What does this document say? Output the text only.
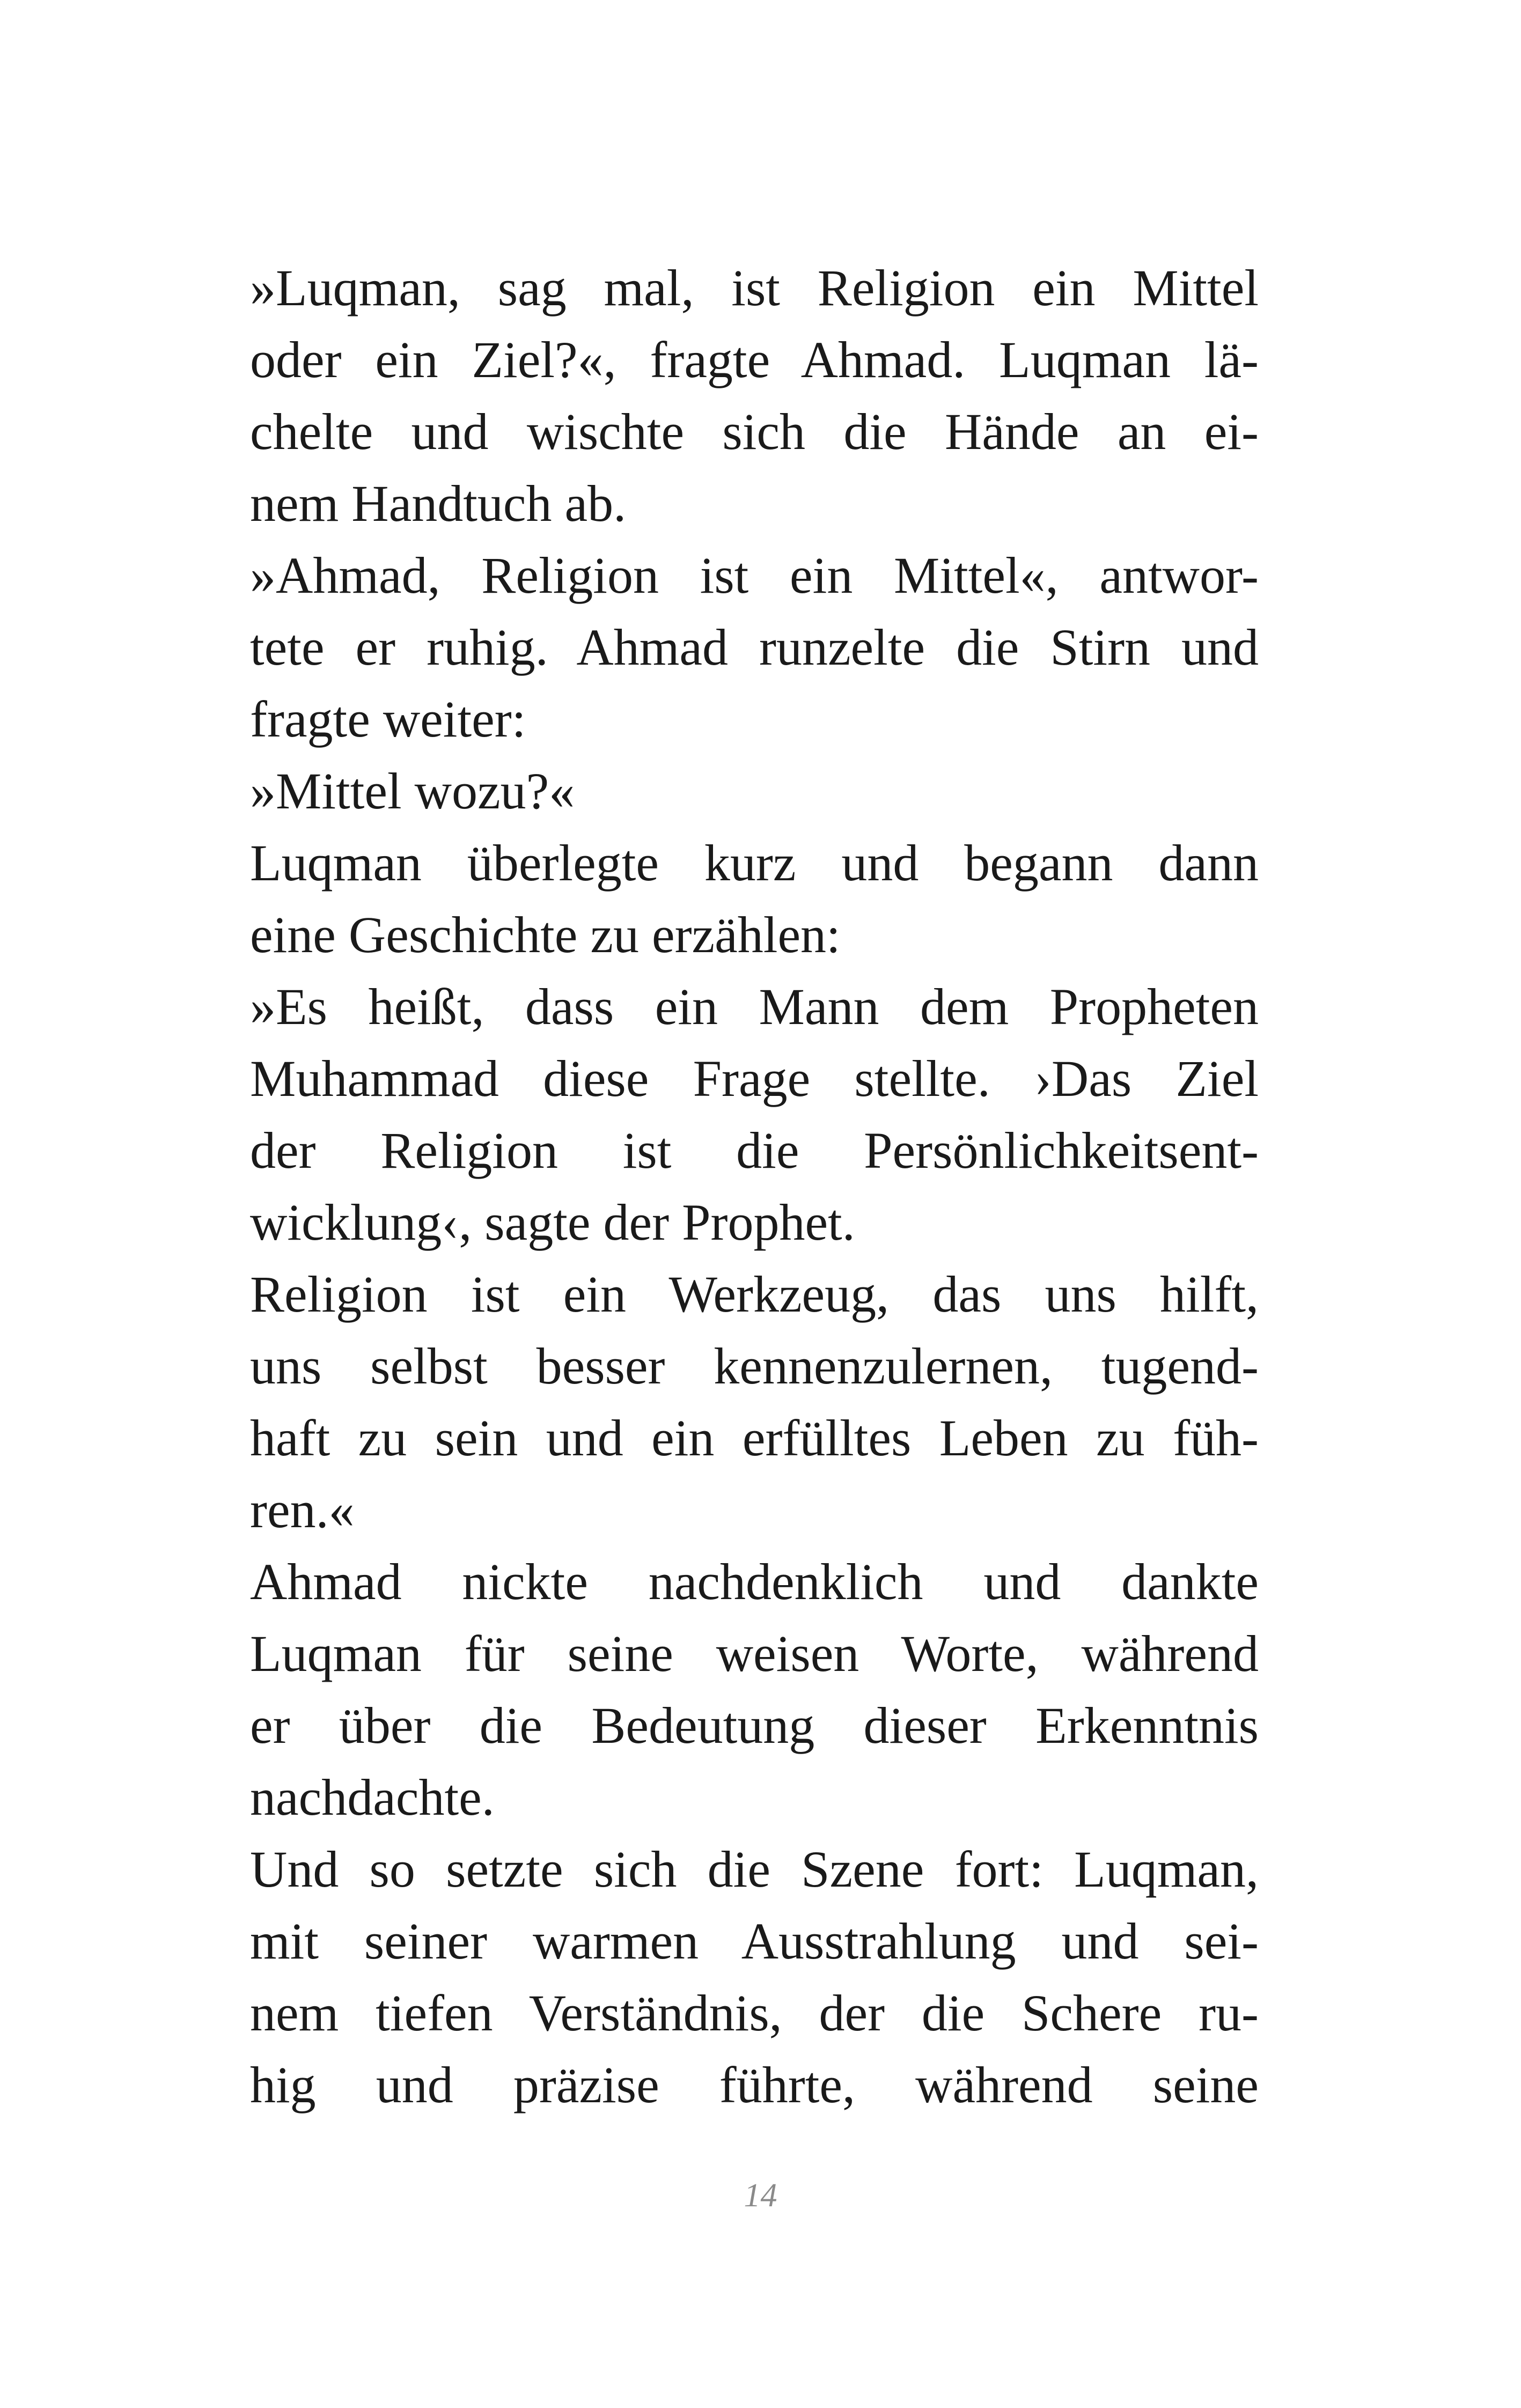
»Luqman, sag mal, ist Religion ein Mittel
oder ein Ziel?«, fragte Ahmad. Luqman lä-
chelte und wischte sich die Hände an ei-
nem Handtuch ab.
»Ahmad, Religion ist ein Mittel«, antwor-
tete er ruhig. Ahmad runzelte die Stirn und
fragte weiter:
»Mittel wozu?«
Luqman überlegte kurz und begann dann
eine Geschichte zu erzählen:
»Es heißt, dass ein Mann dem Propheten
Muhammad diese Frage stellte. ›Das Ziel
der Religion ist die Persönlichkeitsent-
wicklung‹, sagte der Prophet.
Religion ist ein Werkzeug, das uns hilft,
uns selbst besser kennenzulernen, tugend-
haft zu sein und ein erfülltes Leben zu füh-
ren.«
Ahmad nickte nachdenklich und dankte
Luqman für seine weisen Worte, während
er über die Bedeutung dieser Erkenntnis
nachdachte.
Und so setzte sich die Szene fort: Luqman,
mit seiner warmen Ausstrahlung und sei-
nem tiefen Verständnis, der die Schere ru-
hig und präzise führte, während seine
14
